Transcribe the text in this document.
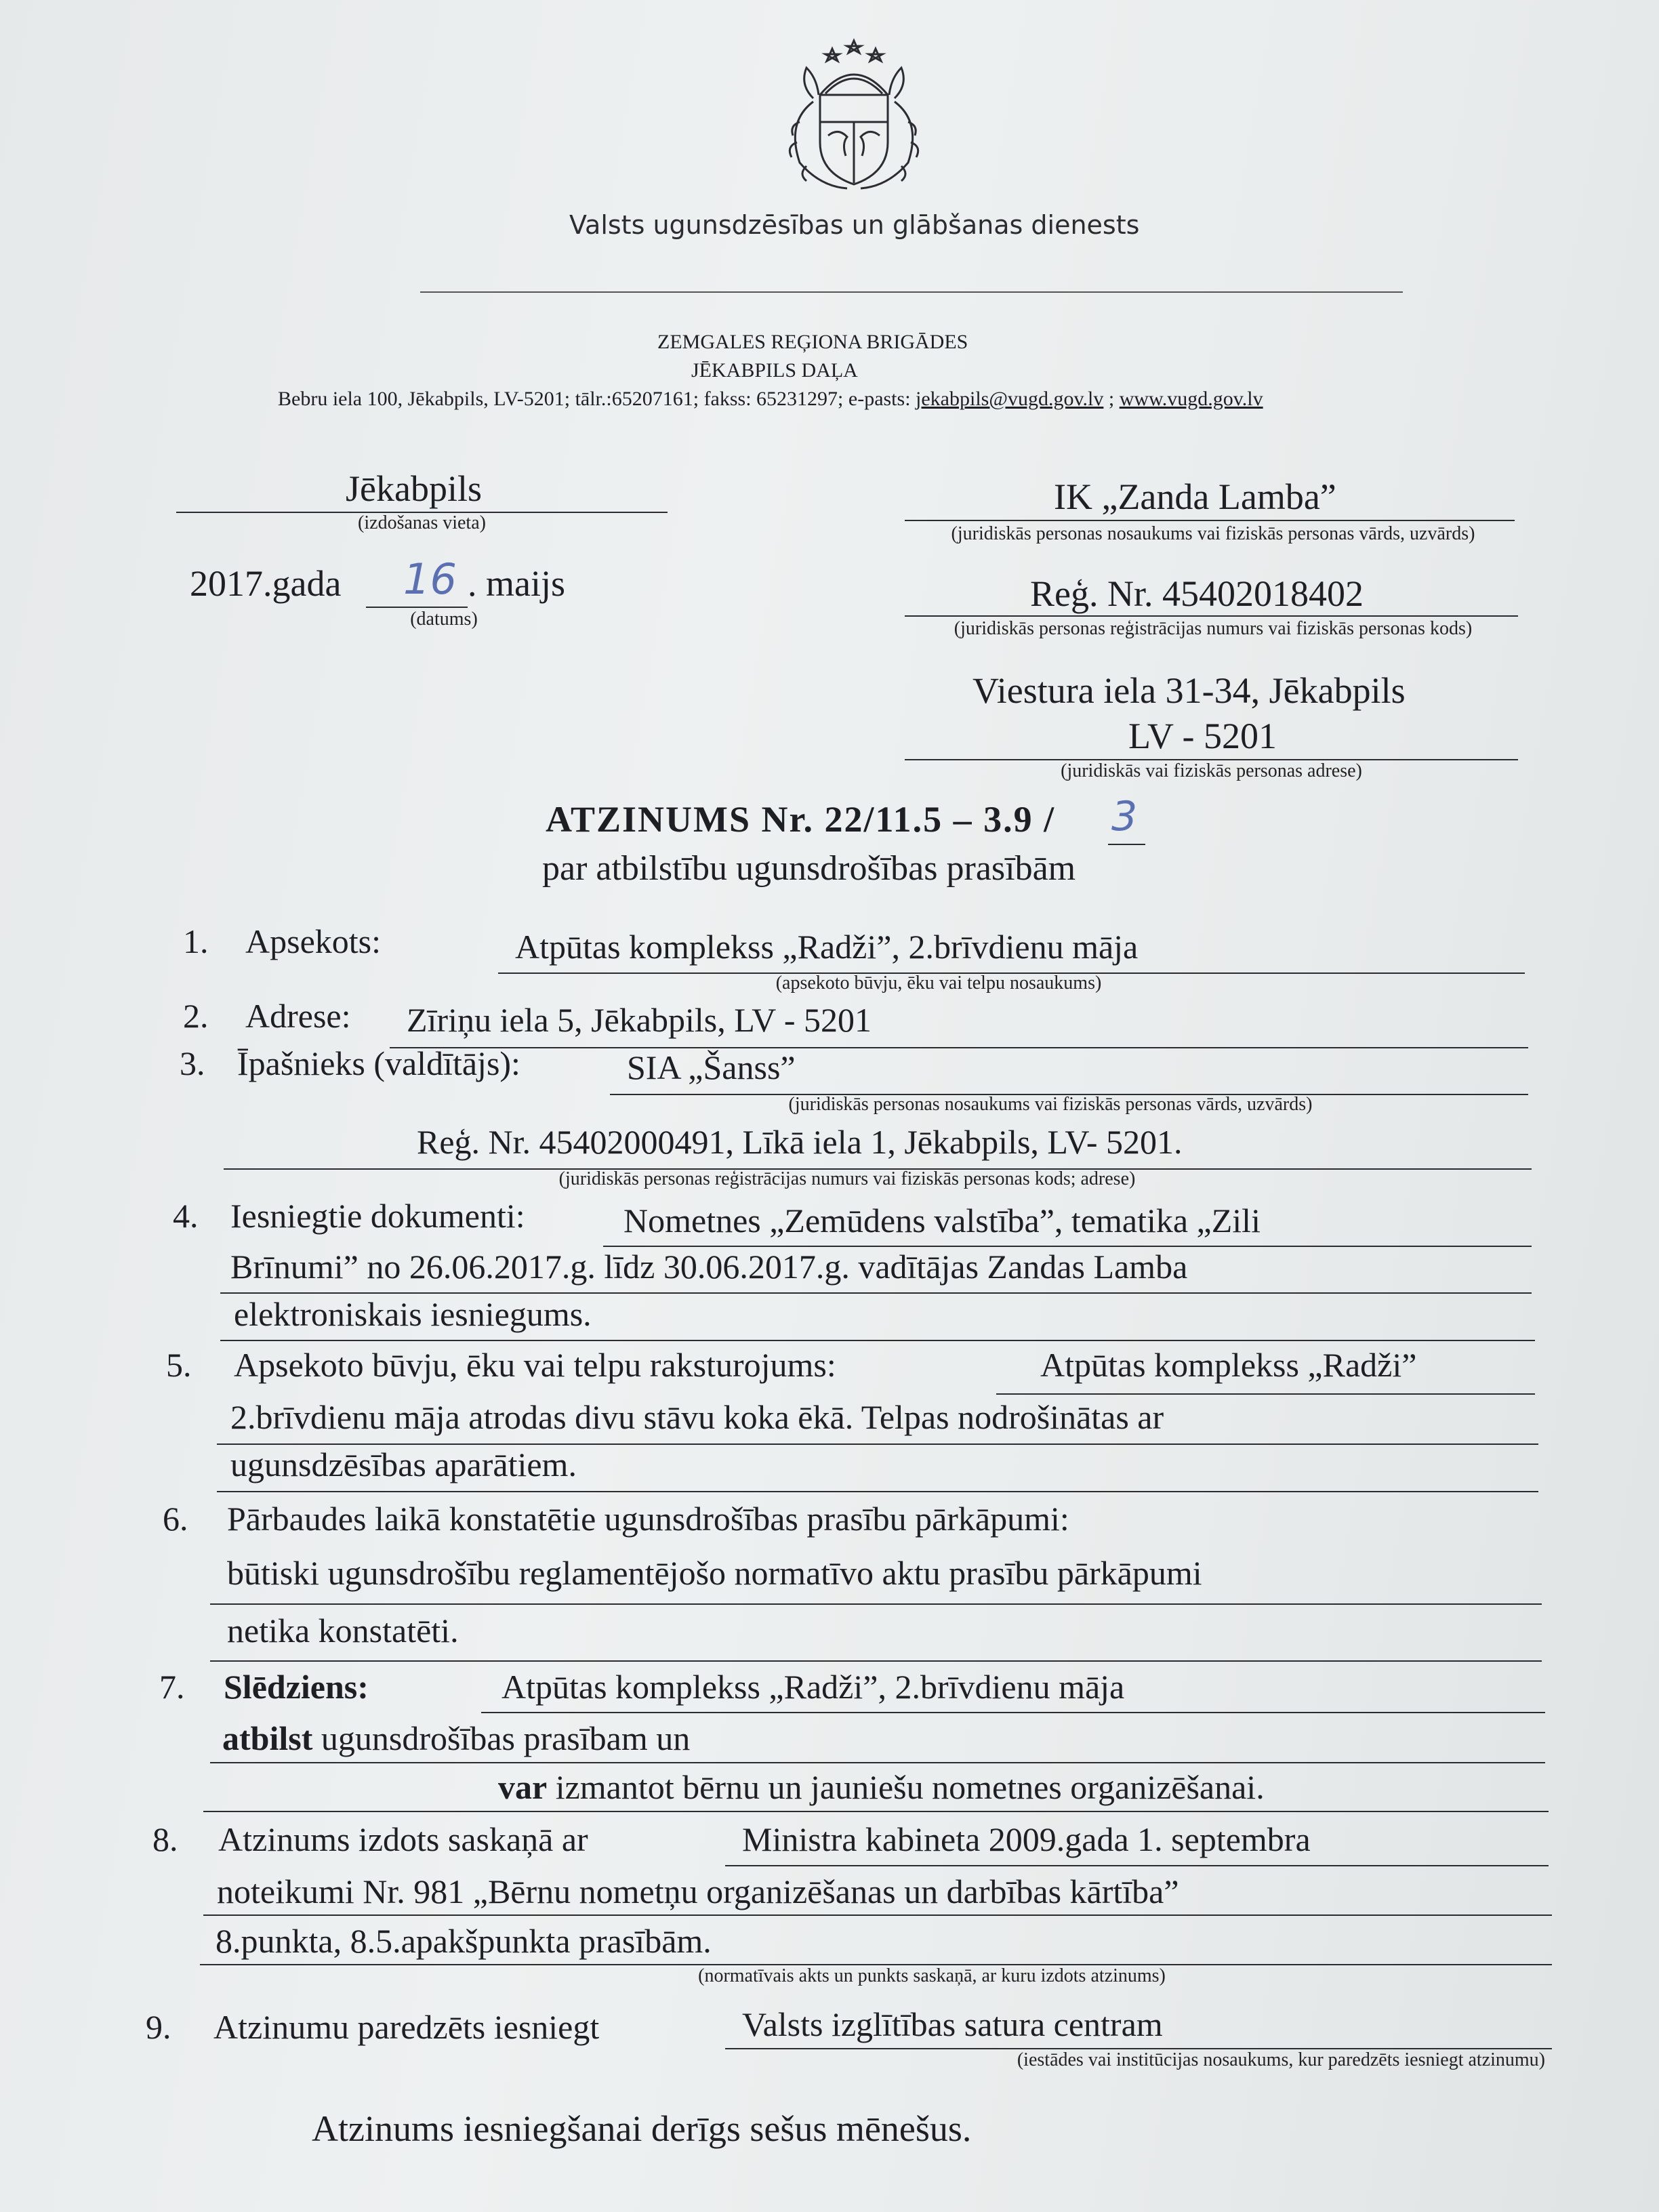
Valsts ugunsdzēsības un glābšanas dienests
ZEMGALES REĢIONA BRIGĀDES
JĒKABPILS DAĻA
Bebru iela 100, Jēkabpils, LV-5201; tālr.:65207161; fakss: 65231297; e-pasts: jekabpils@vugd.gov.lv ; www.vugd.gov.lv
Jēkabpils
(izdošanas vieta)
2017.gada 16 . maijs
(datums)
IK „Zanda Lamba”
(juridiskās personas nosaukums vai fiziskās personas vārds, uzvārds)
Reģ. Nr. 45402018402
(juridiskās personas reģistrācijas numurs vai fiziskās personas kods)
Viestura iela 31-34, Jēkabpils
LV - 5201
(juridiskās vai fiziskās personas adrese)
ATZINUMS Nr. 22/11.5 – 3.9 / 3
par atbilstību ugunsdrošības prasībām
1. Apsekots:	Atpūtas komplekss „Radži”, 2.brīvdienu māja
(apsekoto būvju, ēku vai telpu nosaukums)
2. Adrese: Zīriņu iela 5, Jēkabpils, LV - 5201
3. Īpašnieks (valdītājs):	SIA „Šanss”
(juridiskās personas nosaukums vai fiziskās personas vārds, uzvārds)
Reģ. Nr. 45402000491, Līkā iela 1, Jēkabpils, LV- 5201.
(juridiskās personas reģistrācijas numurs vai fiziskās personas kods; adrese)
4. Iesniegtie dokumenti:	Nometnes „Zemūdens valstība”, tematika „Zili
Brīnumi” no 26.06.2017.g. līdz 30.06.2017.g. vadītājas Zandas Lamba
elektroniskais iesniegums.
5. Apsekoto būvju, ēku vai telpu raksturojums:	Atpūtas komplekss „Radži”
2.brīvdienu māja atrodas divu stāvu koka ēkā. Telpas nodrošinātas ar
ugunsdzēsības aparātiem.
6. Pārbaudes laikā konstatētie ugunsdrošības prasību pārkāpumi:
būtiski ugunsdrošību reglamentējošo normatīvo aktu prasību pārkāpumi
netika konstatēti.
7. Slēdziens:	Atpūtas komplekss „Radži”, 2.brīvdienu māja
atbilst ugunsdrošības prasībam un
var izmantot bērnu un jauniešu nometnes organizēšanai.
8. Atzinums izdots saskaņā ar	Ministra kabineta 2009.gada 1. septembra
noteikumi Nr. 981 „Bērnu nometņu organizēšanas un darbības kārtība”
8.punkta, 8.5.apakšpunkta prasībām.
(normatīvais akts un punkts saskaņā, ar kuru izdots atzinums)
9. Atzinumu paredzēts iesniegt	Valsts izglītības satura centram
(iestādes vai institūcijas nosaukums, kur paredzēts iesniegt atzinumu)
Atzinums iesniegšanai derīgs sešus mēnešus.
